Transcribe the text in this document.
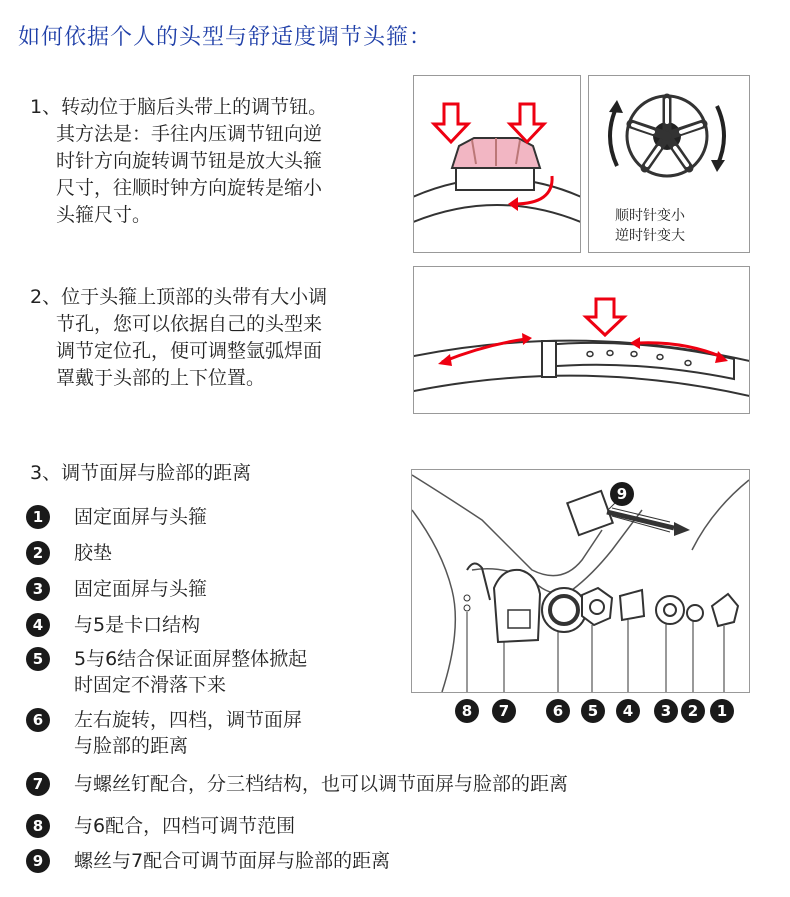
如何依据个人的头型与舒适度调节头箍：
1、转动位于脑后头带上的调节钮。
其方法是：手往内压调节钮向逆
时针方向旋转调节钮是放大头箍
尺寸，往顺时钟方向旋转是缩小
头箍尺寸。	顺时针变小
逆时针变大
2、位于头箍上顶部的头带有大小调
节孔，您可以依据自己的头型来
调节定位孔，便可调整氩弧焊面
罩戴于头部的上下位置。
3、调节面屏与脸部的距离
1	固定面屏与头箍
2	胶垫
3	固定面屏与头箍
4	与5是卡口结构
5	5与6结合保证面屏整体掀起
时固定不滑落下来
6	左右旋转，四档，调节面屏
与脸部的距离
7	与螺丝钉配合，分三档结构，也可以调节面屏与脸部的距离
8	与6配合，四档可调节范围
9	螺丝与7配合可调节面屏与脸部的距离
9
8	7	6	5	4	3	2	1
